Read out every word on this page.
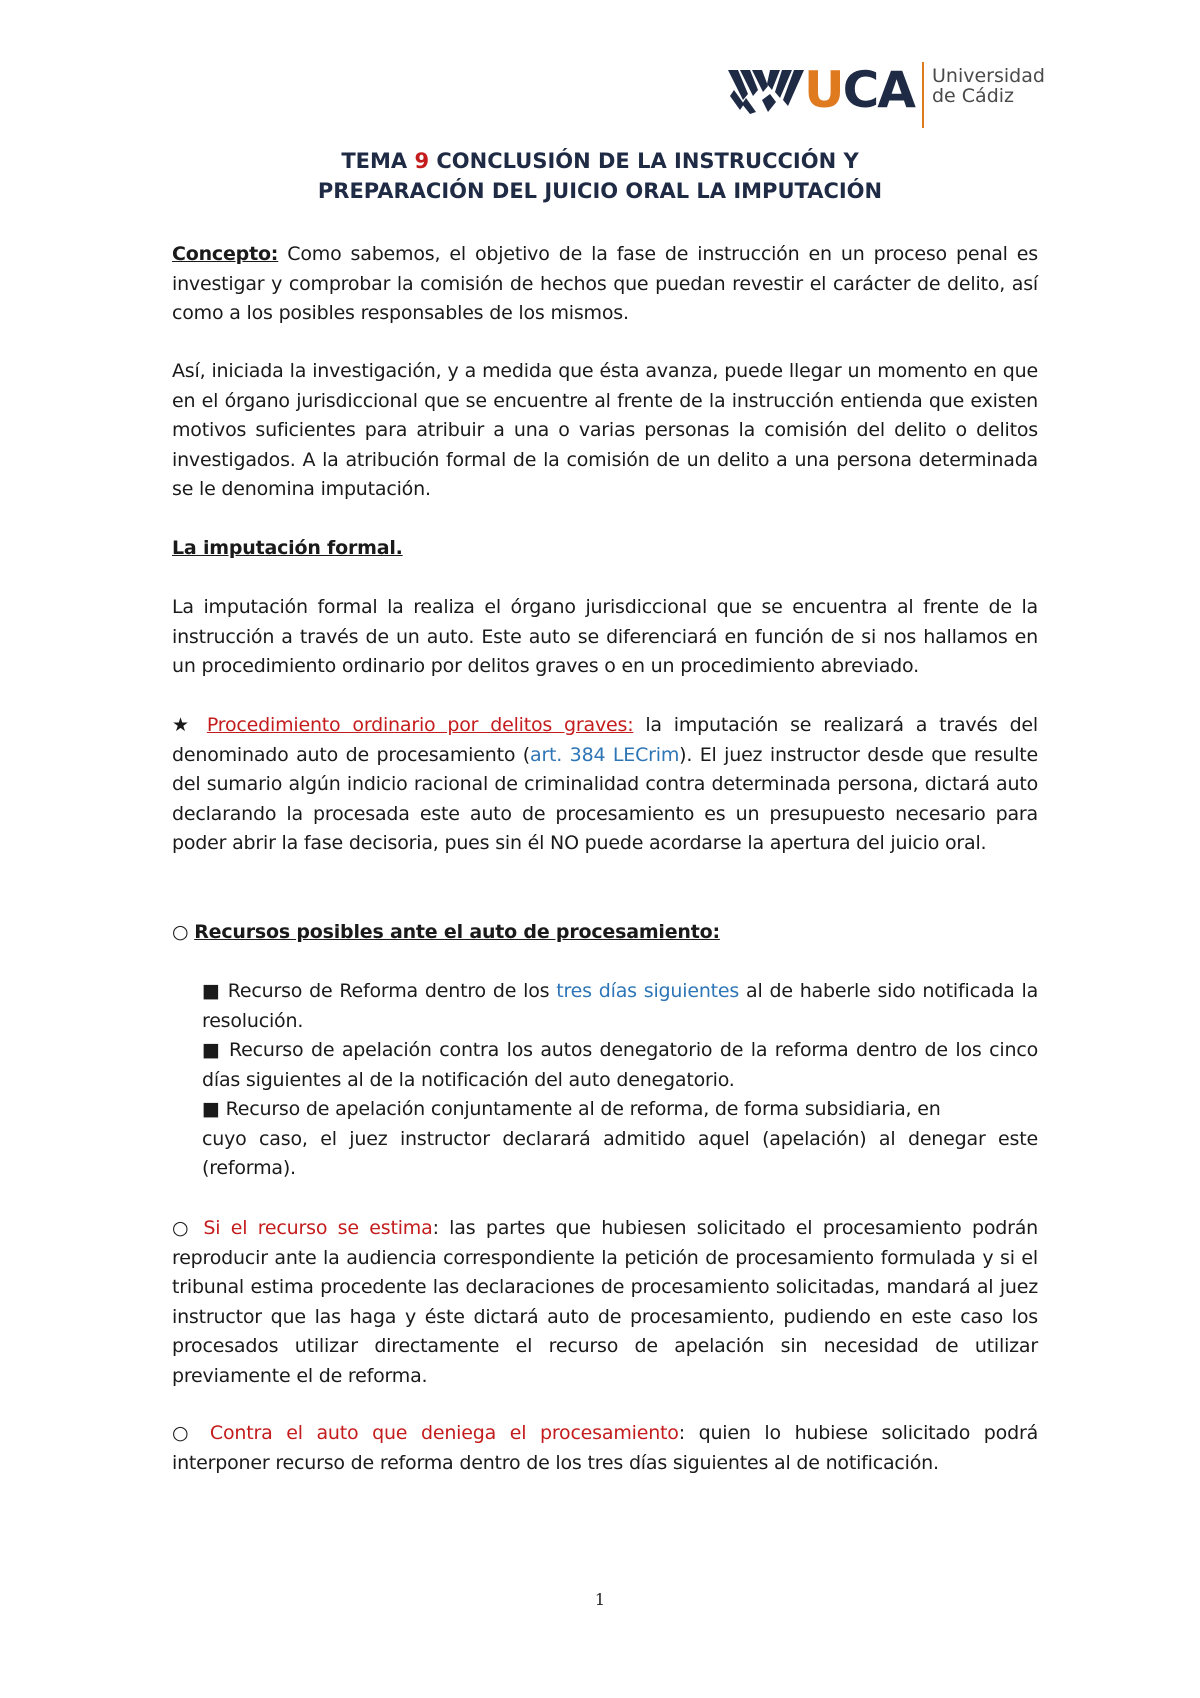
UCA Universidad
de Cádiz
TEMA 9 CONCLUSIÓN DE LA INSTRUCCIÓN Y
PREPARACIÓN DEL JUICIO ORAL LA IMPUTACIÓN

Concepto: Como sabemos, el objetivo de la fase de instrucción en un proceso penal es investigar y comprobar la comisión de hechos que puedan revestir el carácter de delito, así como a los posibles responsables de los mismos.

Así, iniciada la investigación, y a medida que ésta avanza, puede llegar un momento en que en el órgano jurisdiccional que se encuentre al frente de la instrucción entienda que existen motivos suficientes para atribuir a una o varias personas la comisión del delito o delitos investigados. A la atribución formal de la comisión de un delito a una persona determinada se le denomina imputación.

La imputación formal.

La imputación formal la realiza el órgano jurisdiccional que se encuentra al frente de la instrucción a través de un auto. Este auto se diferenciará en función de si nos hallamos en un procedimiento ordinario por delitos graves o en un procedimiento abreviado.

★ Procedimiento ordinario por delitos graves: la imputación se realizará a través del denominado auto de procesamiento (art. 384 LECrim). El juez instructor desde que resulte del sumario algún indicio racional de criminalidad contra determinada persona, dictará auto declarando la procesada este auto de procesamiento es un presupuesto necesario para poder abrir la fase decisoria, pues sin él NO puede acordarse la apertura del juicio oral.

○ Recursos posibles ante el auto de procesamiento:

■ Recurso de Reforma dentro de los tres días siguientes al de haberle sido notificada la resolución.

■ Recurso de apelación contra los autos denegatorio de la reforma dentro de los cinco días siguientes al de la notificación del auto denegatorio.

■ Recurso de apelación conjuntamente al de reforma, de forma subsidiaria, en
cuyo caso, el juez instructor declarará admitido aquel (apelación) al denegar este (reforma).

○ Si el recurso se estima: las partes que hubiesen solicitado el procesamiento podrán reproducir ante la audiencia correspondiente la petición de procesamiento formulada y si el tribunal estima procedente las declaraciones de procesamiento solicitadas, mandará al juez instructor que las haga y éste dictará auto de procesamiento, pudiendo en este caso los procesados utilizar directamente el recurso de apelación sin necesidad de utilizar previamente el de reforma.

○ Contra el auto que deniega el procesamiento: quien lo hubiese solicitado podrá interponer recurso de reforma dentro de los tres días siguientes al de notificación.

1
